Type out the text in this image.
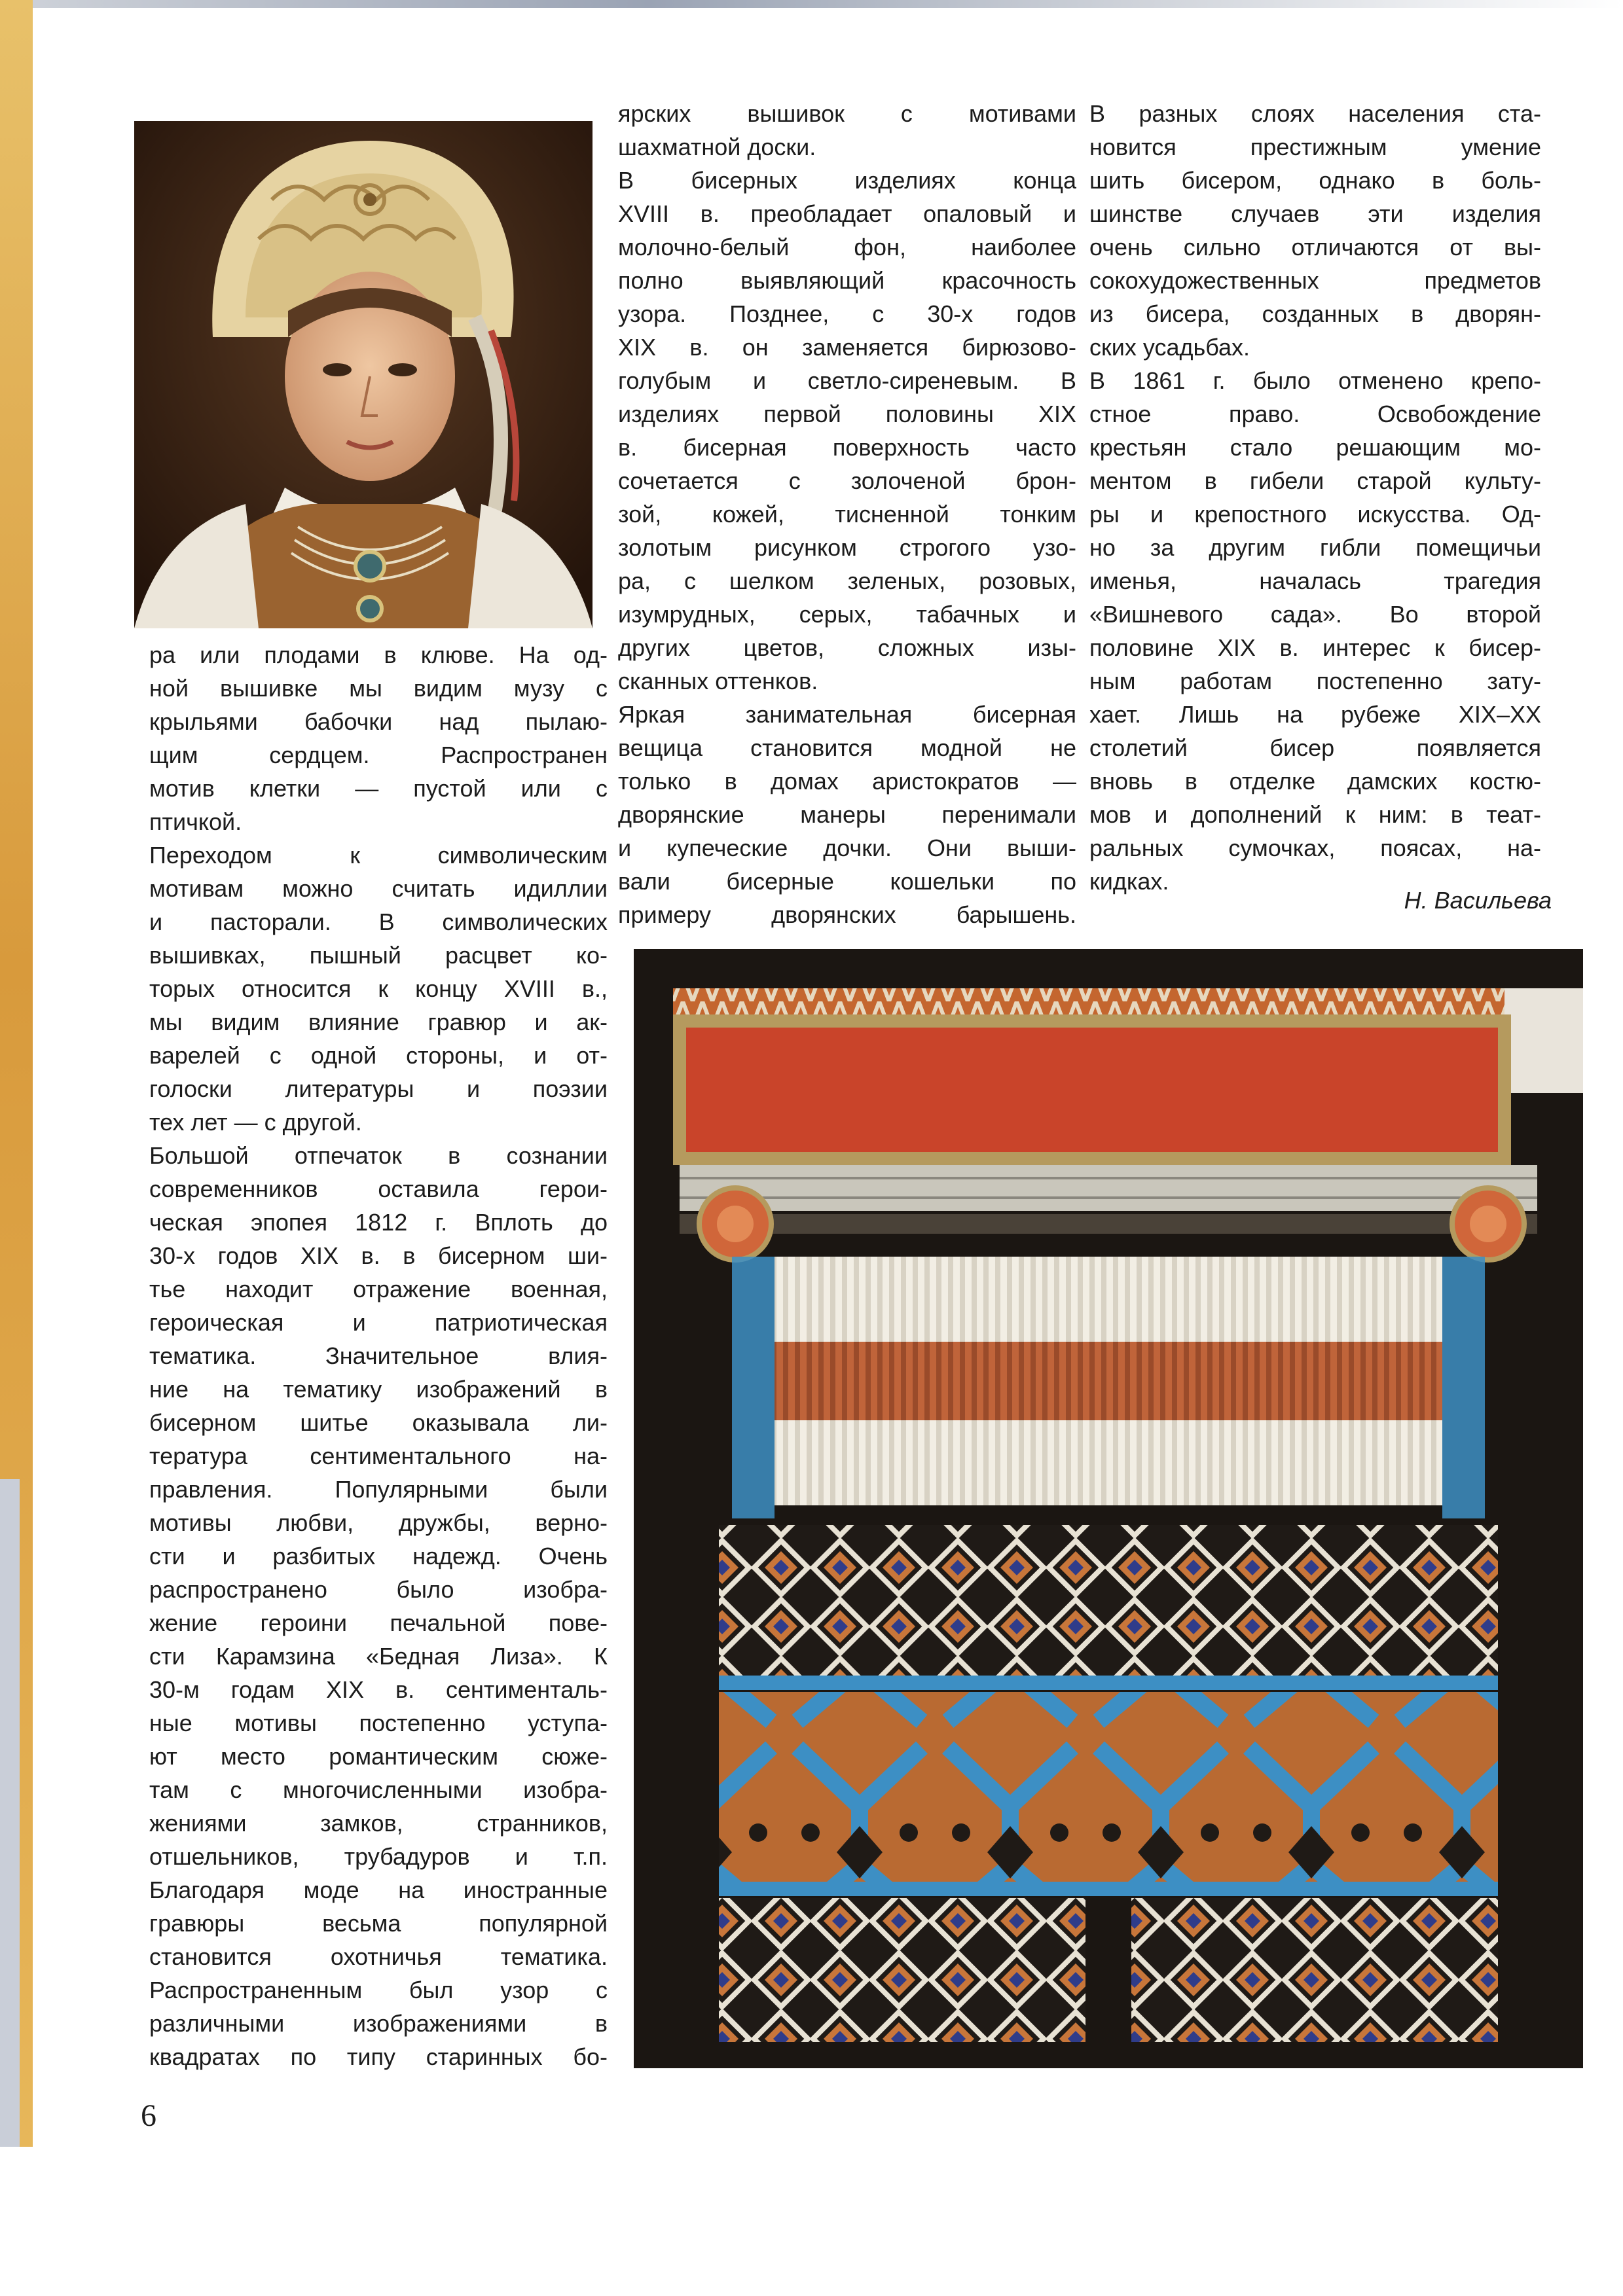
ра или плодами в клюве. На од-
ной вышивке мы видим музу с
крыльями бабочки над пылаю-
щим сердцем. Распространен
мотив клетки — пустой или с
птичкой.
Переходом к символическим
мотивам можно считать идиллии
и пасторали. В символических
вышивках, пышный расцвет ко-
торых относится к концу XVIII в.,
мы видим влияние гравюр и ак-
варелей с одной стороны, и от-
голоски литературы и поэзии
тех лет — с другой.
Большой отпечаток в сознании
современников оставила герои-
ческая эпопея 1812 г. Вплоть до
30-х годов XIX в. в бисерном ши-
тье находит отражение военная,
героическая и патриотическая
тематика. Значительное влия-
ние на тематику изображений в
бисерном шитье оказывала ли-
тература сентиментального на-
правления. Популярными были
мотивы любви, дружбы, верно-
сти и разбитых надежд. Очень
распространено было изобра-
жение героини печальной пове-
сти Карамзина «Бедная Лиза». К
30-м годам XIX в. сентименталь-
ные мотивы постепенно уступа-
ют место романтическим сюже-
там с многочисленными изобра-
жениями замков, странников,
отшельников, трубадуров и т.п.
Благодаря моде на иностранные
гравюры весьма популярной
становится охотничья тематика.
Распространенным был узор с
различными изображениями в
квадратах по типу старинных бо-
ярских вышивок с мотивами
шахматной доски.
В бисерных изделиях конца
XVIII в. преобладает опаловый и
молочно-белый фон, наиболее
полно выявляющий красочность
узора. Позднее, с 30-х годов
XIX в. он заменяется бирюзово-
голубым и светло-сиреневым. В
изделиях первой половины XIX
в. бисерная поверхность часто
сочетается с золоченой брон-
зой, кожей, тисненной тонким
золотым рисунком строгого узо-
ра, с шелком зеленых, розовых,
изумрудных, серых, табачных и
других цветов, сложных изы-
сканных оттенков.
Яркая занимательная бисерная
вещица становится модной не
только в домах аристократов —
дворянские манеры перенимали
и купеческие дочки. Они выши-
вали бисерные кошельки по
примеру дворянских барышень.
В разных слоях населения ста-
новится престижным умение
шить бисером, однако в боль-
шинстве случаев эти изделия
очень сильно отличаются от вы-
сокохудожественных предметов
из бисера, созданных в дворян-
ских усадьбах.
В 1861 г. было отменено крепо-
стное право. Освобождение
крестьян стало решающим мо-
ментом в гибели старой культу-
ры и крепостного искусства. Од-
но за другим гибли помещичьи
именья, началась трагедия
«Вишневого сада». Во второй
половине XIX в. интерес к бисер-
ным работам постепенно зату-
хает. Лишь на рубеже XIX–XX
столетий бисер появляется
вновь в отделке дамских костю-
мов и дополнений к ним: в теат-
ральных сумочках, поясах, на-
кидках.
Н. Васильева
6
